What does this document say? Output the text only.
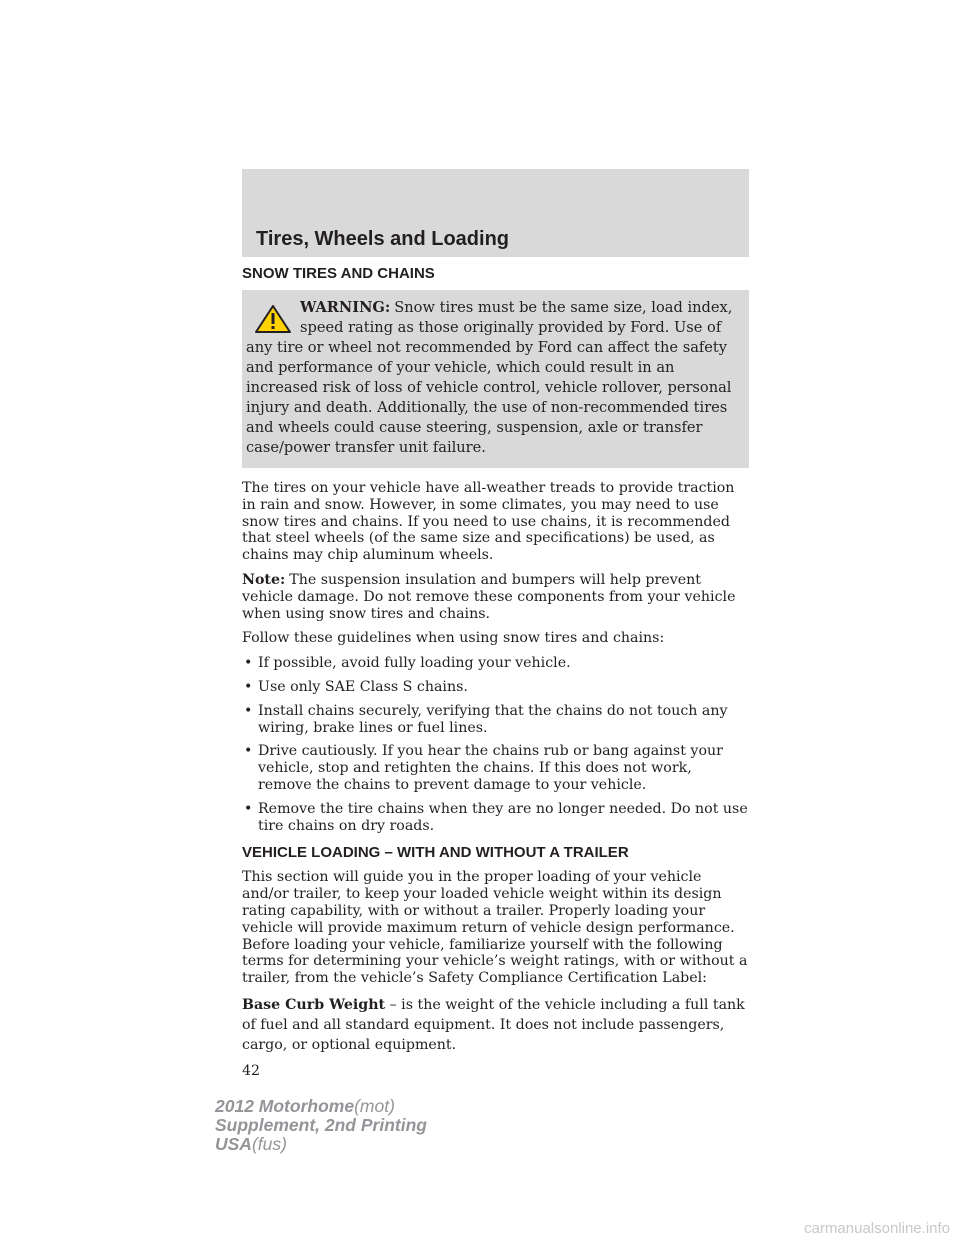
Tires, Wheels and Loading
SNOW TIRES AND CHAINS
WARNING: Snow tires must be the same size, load index, speed rating as those originally provided by Ford. Use of any tire or wheel not recommended by Ford can affect the safety and performance of your vehicle, which could result in an increased risk of loss of vehicle control, vehicle rollover, personal injury and death. Additionally, the use of non-recommended tires and wheels could cause steering, suspension, axle or transfer case/power transfer unit failure.

The tires on your vehicle have all-weather treads to provide traction in rain and snow. However, in some climates, you may need to use snow tires and chains. If you need to use chains, it is recommended that steel wheels (of the same size and specifications) be used, as chains may chip aluminum wheels.

Note: The suspension insulation and bumpers will help prevent vehicle damage. Do not remove these components from your vehicle when using snow tires and chains.

Follow these guidelines when using snow tires and chains:

• If possible, avoid fully loading your vehicle.
• Use only SAE Class S chains.
• Install chains securely, verifying that the chains do not touch any wiring, brake lines or fuel lines.
• Drive cautiously. If you hear the chains rub or bang against your vehicle, stop and retighten the chains. If this does not work, remove the chains to prevent damage to your vehicle.
• Remove the tire chains when they are no longer needed. Do not use tire chains on dry roads.
VEHICLE LOADING – WITH AND WITHOUT A TRAILER

This section will guide you in the proper loading of your vehicle and/or trailer, to keep your loaded vehicle weight within its design rating capability, with or without a trailer. Properly loading your vehicle will provide maximum return of vehicle design performance. Before loading your vehicle, familiarize yourself with the following terms for determining your vehicle’s weight ratings, with or without a trailer, from the vehicle’s Safety Compliance Certification Label:

Base Curb Weight – is the weight of the vehicle including a full tank of fuel and all standard equipment. It does not include passengers, cargo, or optional equipment.

42
2012 Motorhome(mot)
Supplement, 2nd Printing
USA(fus)
carmanualsonline.info
